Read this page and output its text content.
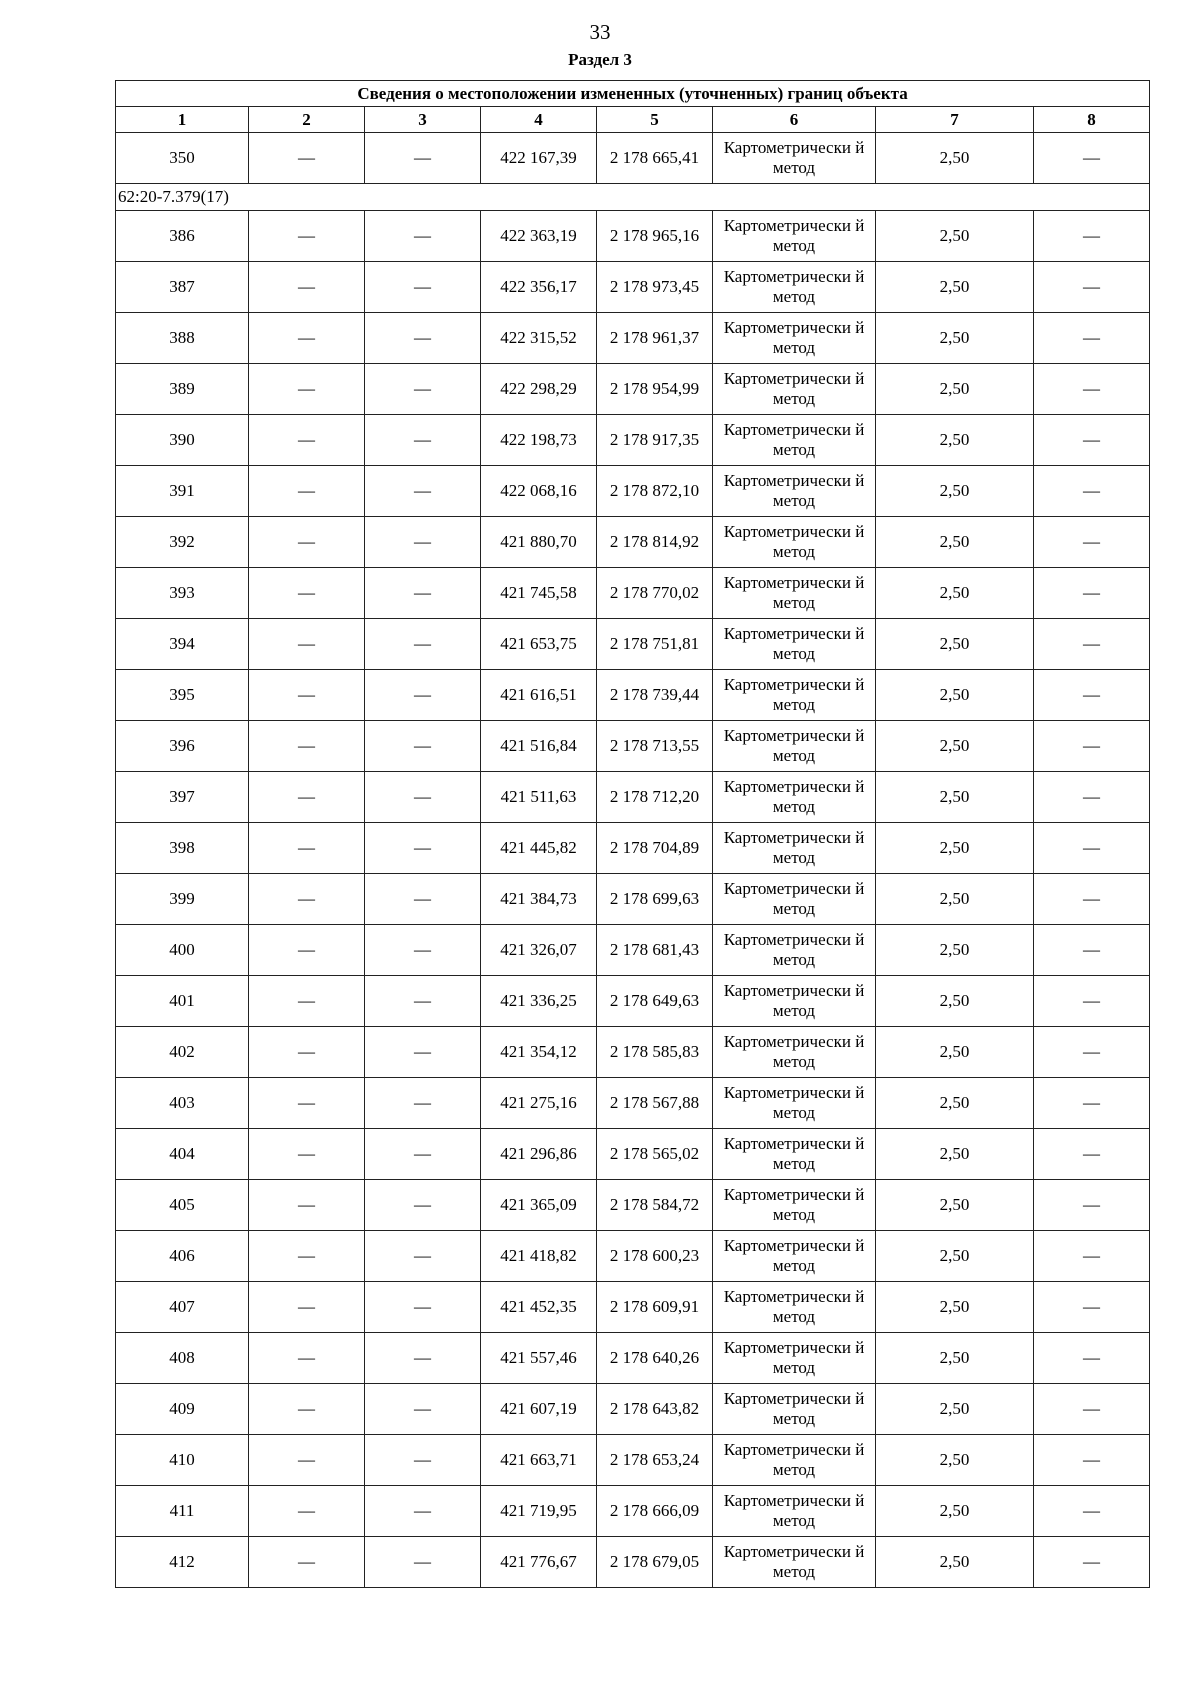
33
Раздел 3
Сведения о местоположении измененных (уточненных) границ объекта							
1	2	3	4	5	6	7	8
350	—	—	422 167,39	2 178 665,41	Картометрически й метод	2,50	—
62:20-7.379(17)							
386	—	—	422 363,19	2 178 965,16	Картометрически й метод	2,50	—
387	—	—	422 356,17	2 178 973,45	Картометрически й метод	2,50	—
388	—	—	422 315,52	2 178 961,37	Картометрически й метод	2,50	—
389	—	—	422 298,29	2 178 954,99	Картометрически й метод	2,50	—
390	—	—	422 198,73	2 178 917,35	Картометрически й метод	2,50	—
391	—	—	422 068,16	2 178 872,10	Картометрически й метод	2,50	—
392	—	—	421 880,70	2 178 814,92	Картометрически й метод	2,50	—
393	—	—	421 745,58	2 178 770,02	Картометрически й метод	2,50	—
394	—	—	421 653,75	2 178 751,81	Картометрически й метод	2,50	—
395	—	—	421 616,51	2 178 739,44	Картометрически й метод	2,50	—
396	—	—	421 516,84	2 178 713,55	Картометрически й метод	2,50	—
397	—	—	421 511,63	2 178 712,20	Картометрически й метод	2,50	—
398	—	—	421 445,82	2 178 704,89	Картометрически й метод	2,50	—
399	—	—	421 384,73	2 178 699,63	Картометрически й метод	2,50	—
400	—	—	421 326,07	2 178 681,43	Картометрически й метод	2,50	—
401	—	—	421 336,25	2 178 649,63	Картометрически й метод	2,50	—
402	—	—	421 354,12	2 178 585,83	Картометрически й метод	2,50	—
403	—	—	421 275,16	2 178 567,88	Картометрически й метод	2,50	—
404	—	—	421 296,86	2 178 565,02	Картометрически й метод	2,50	—
405	—	—	421 365,09	2 178 584,72	Картометрически й метод	2,50	—
406	—	—	421 418,82	2 178 600,23	Картометрически й метод	2,50	—
407	—	—	421 452,35	2 178 609,91	Картометрически й метод	2,50	—
408	—	—	421 557,46	2 178 640,26	Картометрически й метод	2,50	—
409	—	—	421 607,19	2 178 643,82	Картометрически й метод	2,50	—
410	—	—	421 663,71	2 178 653,24	Картометрически й метод	2,50	—
411	—	—	421 719,95	2 178 666,09	Картометрически й метод	2,50	—
412	—	—	421 776,67	2 178 679,05	Картометрически й метод	2,50	—
